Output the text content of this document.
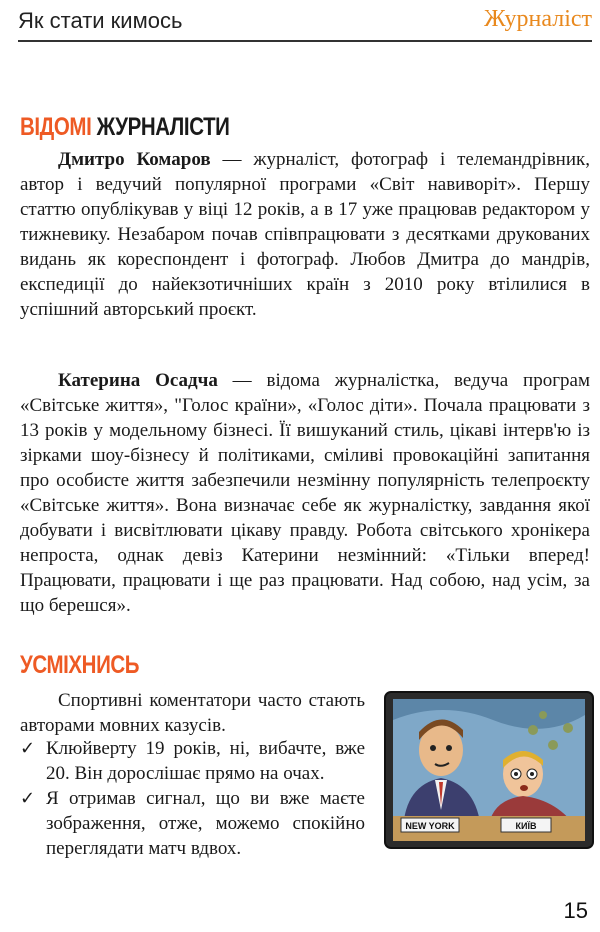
Як стати кимось	Журналіст
ВІДОМІ ЖУРНАЛІСТИ

Дмитро Комаров — журналіст, фотограф і телемандрівник, автор і ведучий популярної програми «Світ навиворіт». Першу статтю опублікував у віці 12 років, а в 17 уже працював редактором у тижневику. Незабаром почав співпрацювати з десятками друкованих видань як кореспондент і фотограф. Любов Дмитра до мандрів, експедиції до найекзотичніших країн з 2010 року втілилися в успішний авторський проєкт.

Катерина Осадча — відома журналістка, ведуча програм «Світське життя», "Голос країни», «Голос діти». Почала працювати з 13 років у модельному бізнесі. Її вишуканий стиль, цікаві інтерв'ю із зірками шоу-бізнесу й політиками, сміливі провокаційні запитання про особисте життя забезпечили незмінну популярність телепроєкту «Світське життя». Вона визначає себе як журналістку, завдання якої добувати і висвітлювати цікаву правду. Робота світського хронікера непроста, однак девіз Катерини незмінний: «Тільки вперед! Працювати, працювати і ще раз працювати. Над собою, над усім, за що берешся».

УСМІХНИСЬ

Спортивні коментатори часто стають авторами мовних казусів.

✓ Клюйверту 19 років, ні, вибачте, вже 20. Він дорослішає прямо на очах.
✓ Я отримав сигнал, що ви вже маєте зображення, отже, можемо спокійно переглядати матч вдвох.
NEW YORK	КИЇВ
15
